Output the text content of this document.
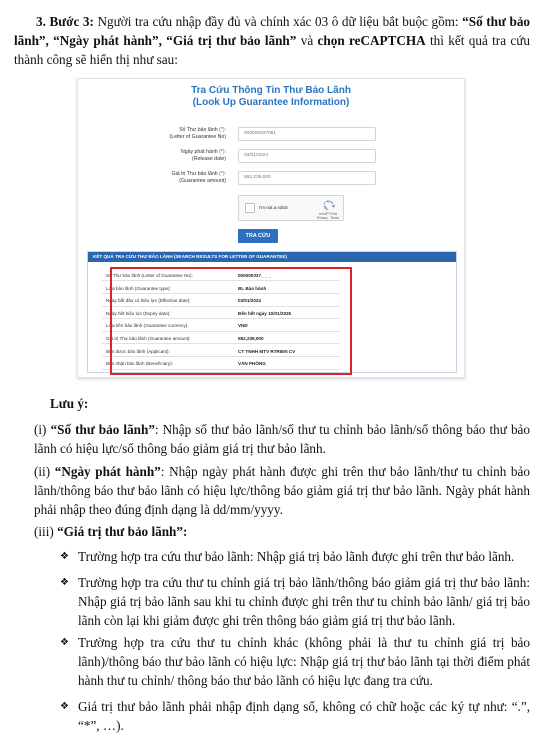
3. Bước 3: Người tra cứu nhập đầy đủ và chính xác 03 ô dữ liệu bắt buộc gồm: “Số thư bảo lãnh”, “Ngày phát hành”, “Giá trị thư bảo lãnh” và chọn reCAPTCHA thì kết quả tra cứu thành công sẽ hiển thị như sau:
Tra Cứu Thông Tin Thư Bảo Lãnh
(Look Up Guarantee Information)
Số Thư bảo lãnh (*):
(Letter of Guarantee No)	000000337061
Ngày phát hành (*):
(Release date)	03/01/2024
Giá trị Thư bảo lãnh (*):
(Guarantee amount)	582,239,000
I'm not a robot
reCAPTCHA
Privacy - Terms
TRA CỨU
KẾT QUẢ TRA CỨU THƯ BẢO LÃNH (SEARCH RESULTS FOR LETTER OF GUARANTEE)
Số Thư bảo lãnh (Letter of Guarantee No):	000000337_ _ _
Loại bảo lãnh (Guarantee type):	BL Bảo hành
Ngày bắt đầu có hiệu lực (Effective date):	03/01/2024
Ngày hết hiệu lực (Expiry date):	Đến hết ngày 10/01/2025
Loại tiền bảo lãnh (Guarantee currency):	VND
Giá trị Thư bảo lãnh (Guarantee amount):	582,239,000
Bên được bảo lãnh (Applicant):	CT TNHH MTV RTRIEN CV
Bên nhận bảo lãnh (Beneficiary):	VĂN PHÒNG
Lưu ý:
(i) “Số thư bảo lãnh”: Nhập số thư bảo lãnh/số thư tu chỉnh bảo lãnh/số thông báo thư bảo lãnh có hiệu lực/số thông báo giảm giá trị thư bảo lãnh.
(ii) “Ngày phát hành”: Nhập ngày phát hành được ghi trên thư bảo lãnh/thư tu chỉnh bảo lãnh/thông báo thư bảo lãnh có hiệu lực/thông báo giảm giá trị thư bảo lãnh. Ngày phát hành phải nhập theo đúng định dạng là dd/mm/yyyy.
(iii) “Giá trị thư bảo lãnh”:
❖ Trường hợp tra cứu thư bảo lãnh: Nhập giá trị bảo lãnh được ghi trên thư bảo lãnh.
❖ Trường hợp tra cứu thư tu chỉnh giá trị bảo lãnh/thông báo giảm giá trị thư bảo lãnh: Nhập giá trị bảo lãnh sau khi tu chỉnh được ghi trên thư tu chỉnh bảo lãnh/ giá trị bảo lãnh còn lại khi giảm được ghi trên thông báo giảm giá trị thư bảo lãnh.
❖ Trường hợp tra cứu thư tu chỉnh khác (không phải là thư tu chỉnh giá trị bảo lãnh)/thông báo thư bảo lãnh có hiệu lực: Nhập giá trị thư bảo lãnh tại thời điểm phát hành thư tu chỉnh/ thông báo thư bảo lãnh có hiệu lực đang tra cứu.
❖ Giá trị thư bảo lãnh phải nhập định dạng số, không có chữ hoặc các ký tự như: “.”, “*”, …).
